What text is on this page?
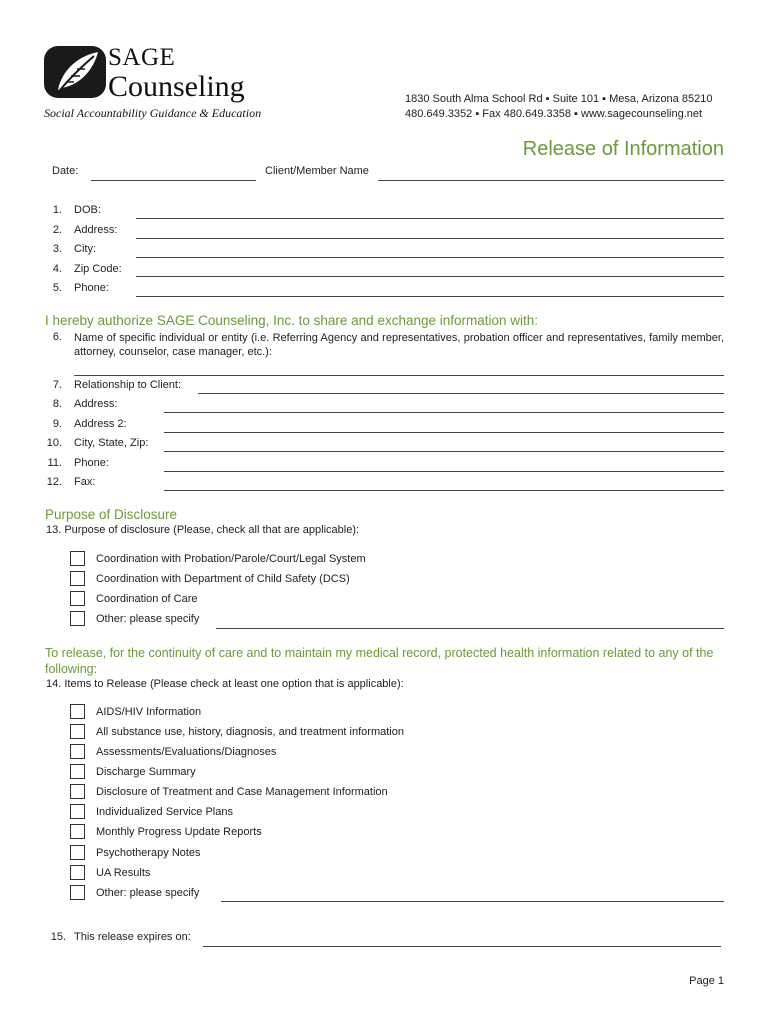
SAGE
Counseling
Social Accountability Guidance & Education
1830 South Alma School Rd ▪ Suite 101 ▪ Mesa, Arizona 85210
480.649.3352 ▪ Fax 480.649.3358 ▪ www.sagecounseling.net
Release of Information
Date:	Client/Member Name
1. DOB:
2. Address:
3. City:
4. Zip Code:
5. Phone:
I hereby authorize SAGE Counseling, Inc. to share and exchange information with:
6. Name of specific individual or entity (i.e. Referring Agency and representatives, probation officer and representatives, family member, attorney, counselor, case manager, etc.):
7. Relationship to Client:
8. Address:
9. Address 2:
10. City, State, Zip:
11. Phone:
12. Fax:
Purpose of Disclosure
13. Purpose of disclosure (Please, check all that are applicable):
Coordination with Probation/Parole/Court/Legal System
Coordination with Department of Child Safety (DCS)
Coordination of Care
Other: please specify
To release, for the continuity of care and to maintain my medical record, protected health information related to any of the following:
14. Items to Release (Please check at least one option that is applicable):
AIDS/HIV Information
All substance use, history, diagnosis, and treatment information
Assessments/Evaluations/Diagnoses
Discharge Summary
Disclosure of Treatment and Case Management Information
Individualized Service Plans
Monthly Progress Update Reports
Psychotherapy Notes
UA Results
Other: please specify
15. This release expires on:
Page 1
